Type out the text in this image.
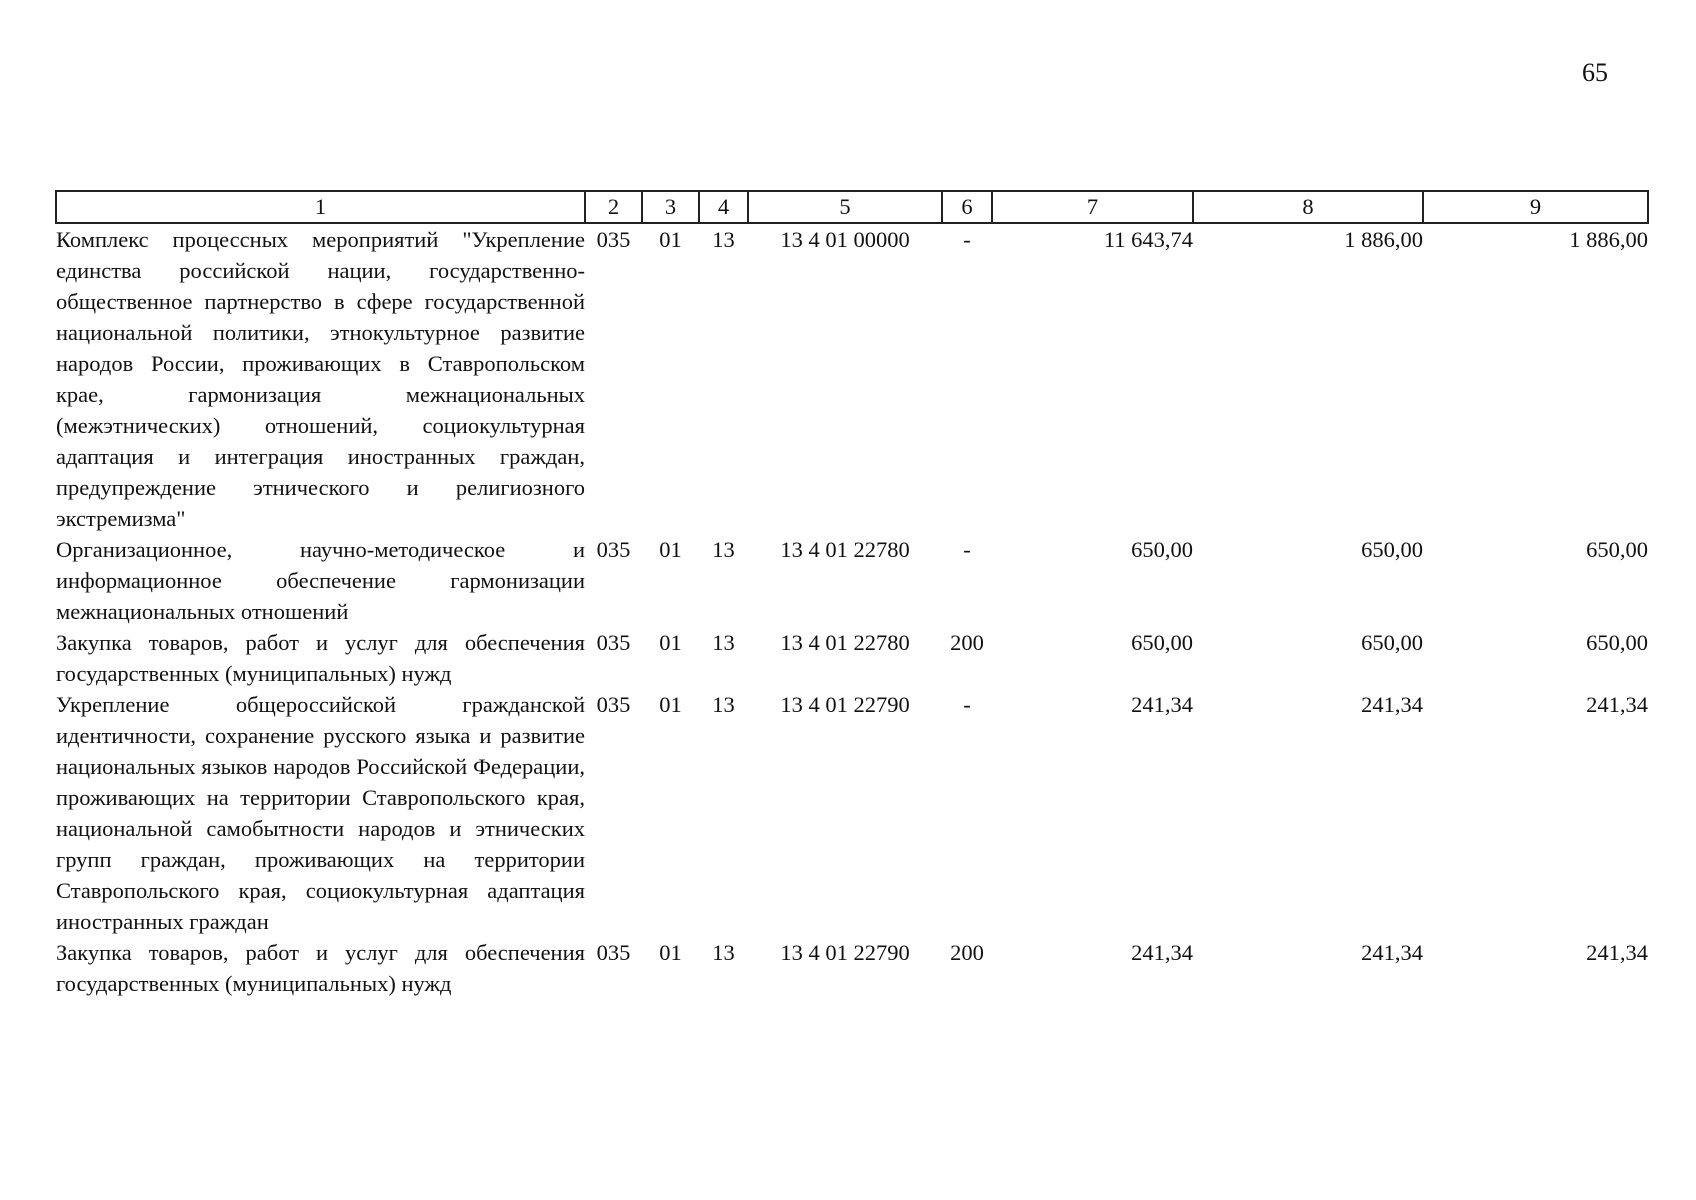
65
1	2	3	4	5	6	7	8	9
Комплекс процессных мероприятий "Укрепление единства российской нации, государственно-общественное партнерство в сфере государственной национальной политики, этнокультурное развитие народов России, проживающих в Ставропольском крае, гармонизация межнациональных (межэтнических) отношений, социокультурная адаптация и интеграция иностранных граждан, предупреждение этнического и религиозного экстремизма"	035	01	13	13 4 01 00000	-	11 643,74	1 886,00	1 886,00
Организационное, научно-методическое и информационное обеспечение гармонизации межнациональных отношений	035	01	13	13 4 01 22780	-	650,00	650,00	650,00
Закупка товаров, работ и услуг для обеспечения государственных (муниципальных) нужд	035	01	13	13 4 01 22780	200	650,00	650,00	650,00
Укрепление общероссийской гражданской идентичности, сохранение русского языка и развитие национальных языков народов Российской Федерации, проживающих на территории Ставропольского края, национальной самобытности народов и этнических групп граждан, проживающих на территории Ставропольского края, социокультурная адаптация иностранных граждан	035	01	13	13 4 01 22790	-	241,34	241,34	241,34
Закупка товаров, работ и услуг для обеспечения государственных (муниципальных) нужд	035	01	13	13 4 01 22790	200	241,34	241,34	241,34
